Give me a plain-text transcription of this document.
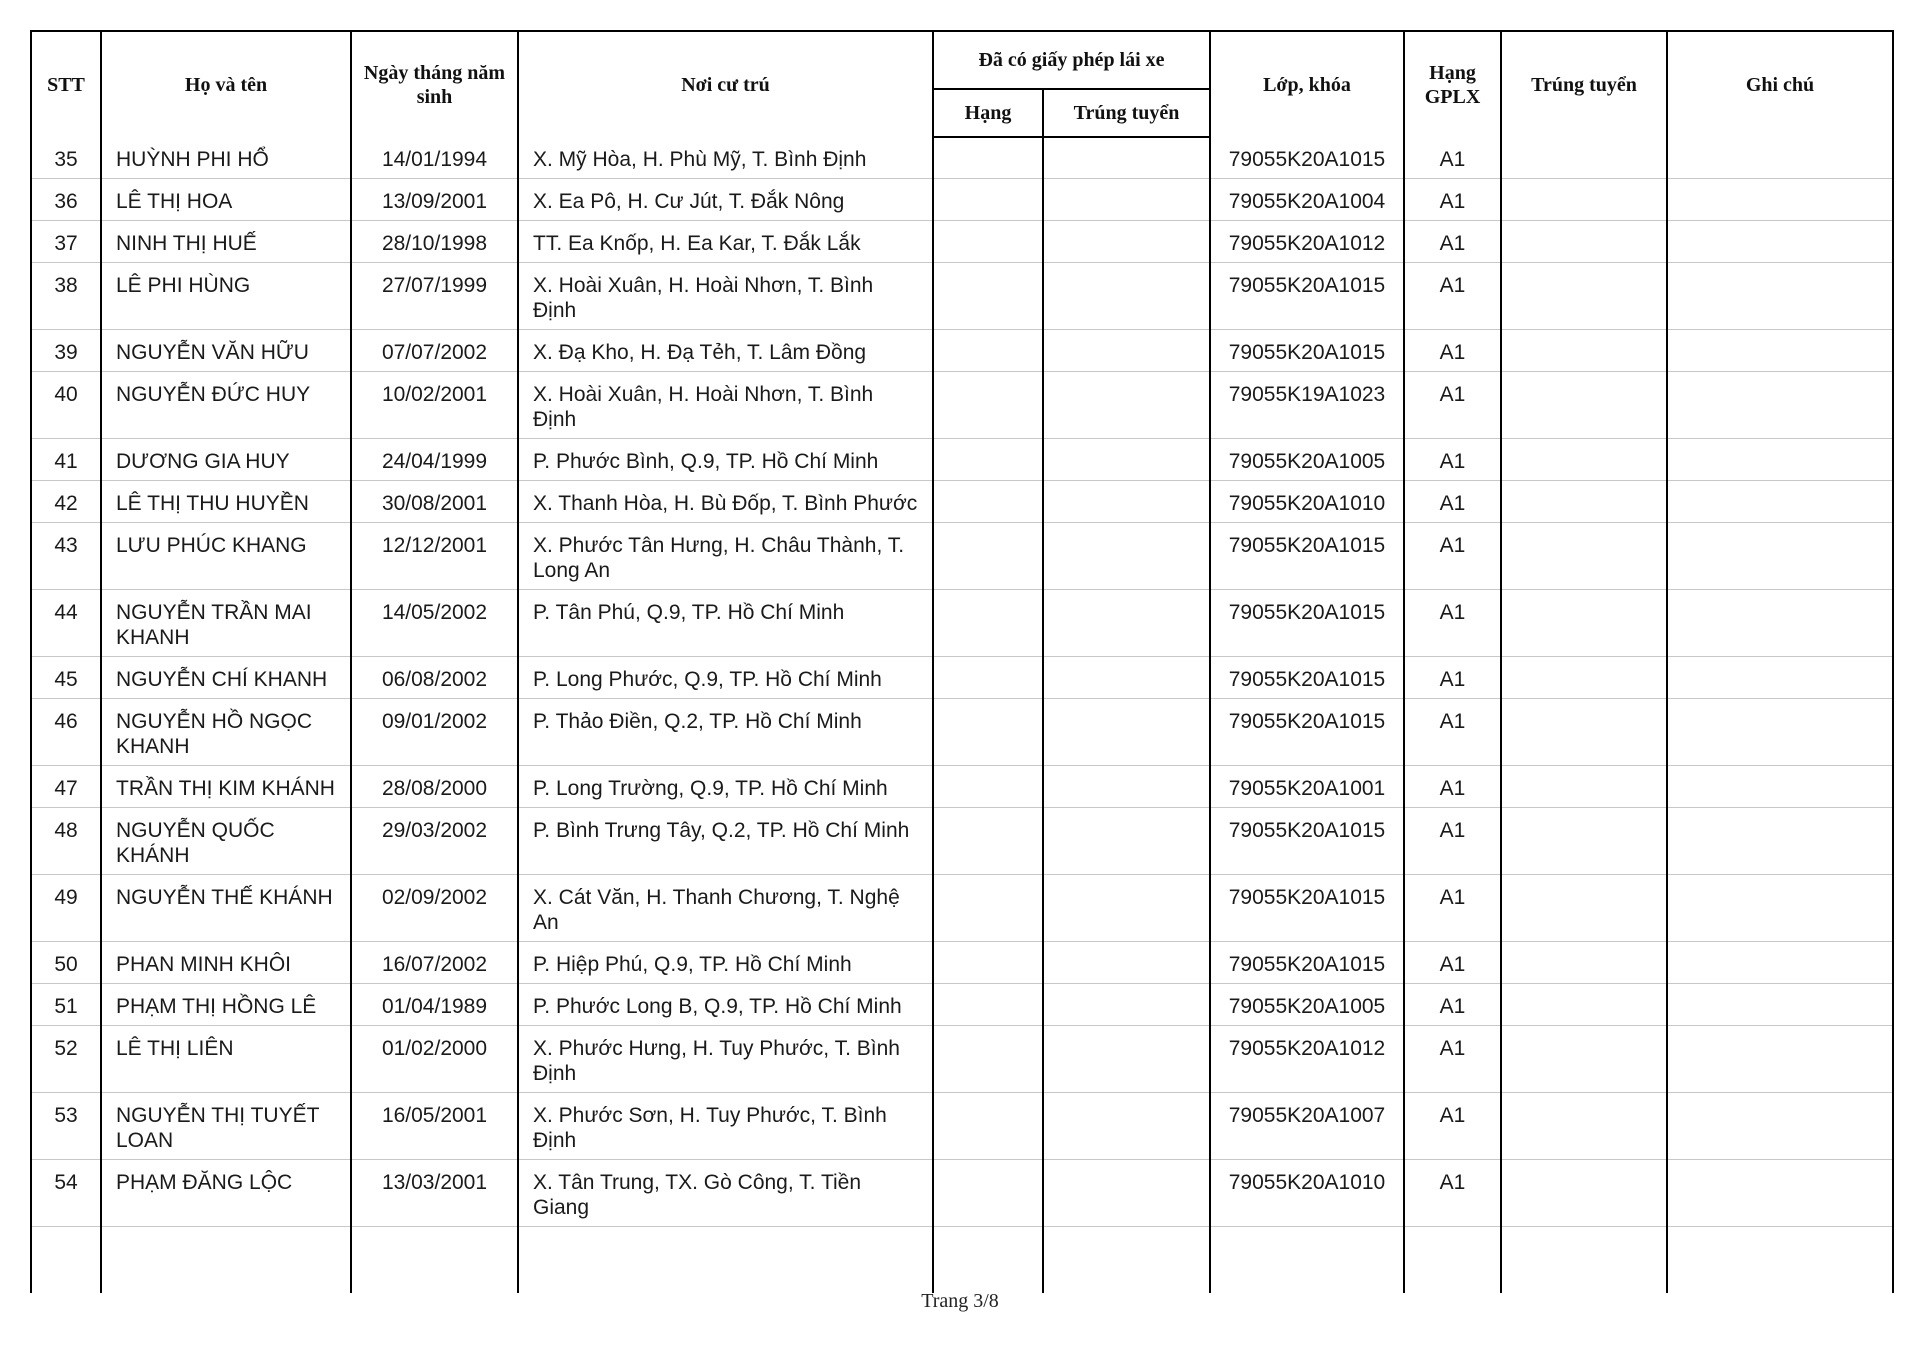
STT	Họ và tên	Ngày tháng năm sinh	Nơi cư trú	Đã có giấy phép lái xe		Lớp, khóa	Hạng GPLX	Trúng tuyển	Ghi chú
				Hạng	Trúng tuyển				
35	HUỲNH PHI HỔ	14/01/1994	X. Mỹ Hòa, H. Phù Mỹ, T. Bình Định			79055K20A1015	A1		
36	LÊ THỊ HOA	13/09/2001	X. Ea Pô, H. Cư Jút, T. Đắk Nông			79055K20A1004	A1		
37	NINH THỊ HUẾ	28/10/1998	TT. Ea Knốp, H. Ea Kar, T. Đắk Lắk			79055K20A1012	A1		
38	LÊ PHI HÙNG	27/07/1999	X. Hoài Xuân, H. Hoài Nhơn, T. Bình Định			79055K20A1015	A1		
39	NGUYỄN VĂN HỮU	07/07/2002	X. Đạ Kho, H. Đạ Tẻh, T. Lâm Đồng			79055K20A1015	A1		
40	NGUYỄN ĐỨC HUY	10/02/2001	X. Hoài Xuân, H. Hoài Nhơn, T. Bình Định			79055K19A1023	A1		
41	DƯƠNG GIA HUY	24/04/1999	P. Phước Bình, Q.9, TP. Hồ Chí Minh			79055K20A1005	A1		
42	LÊ THỊ THU HUYỀN	30/08/2001	X. Thanh Hòa, H. Bù Đốp, T. Bình Phước			79055K20A1010	A1		
43	LƯU PHÚC KHANG	12/12/2001	X. Phước Tân Hưng, H. Châu Thành, T. Long An			79055K20A1015	A1		
44	NGUYỄN TRẦN MAI KHANH	14/05/2002	P. Tân Phú, Q.9, TP. Hồ Chí Minh			79055K20A1015	A1		
45	NGUYỄN CHÍ KHANH	06/08/2002	P. Long Phước, Q.9, TP. Hồ Chí Minh			79055K20A1015	A1		
46	NGUYỄN HỒ NGỌC KHANH	09/01/2002	P. Thảo Điền, Q.2, TP. Hồ Chí Minh			79055K20A1015	A1		
47	TRẦN THỊ KIM KHÁNH	28/08/2000	P. Long Trường, Q.9, TP. Hồ Chí Minh			79055K20A1001	A1		
48	NGUYỄN QUỐC KHÁNH	29/03/2002	P. Bình Trưng Tây, Q.2, TP. Hồ Chí Minh			79055K20A1015	A1		
49	NGUYỄN THẾ KHÁNH	02/09/2002	X. Cát Văn, H. Thanh Chương, T. Nghệ An			79055K20A1015	A1		
50	PHAN MINH KHÔI	16/07/2002	P. Hiệp Phú, Q.9, TP. Hồ Chí Minh			79055K20A1015	A1		
51	PHẠM THỊ HỒNG LÊ	01/04/1989	P. Phước Long B, Q.9, TP. Hồ Chí Minh			79055K20A1005	A1		
52	LÊ THỊ LIÊN	01/02/2000	X. Phước Hưng, H. Tuy Phước, T. Bình Định			79055K20A1012	A1		
53	NGUYỄN THỊ TUYẾT LOAN	16/05/2001	X. Phước Sơn, H. Tuy Phước, T. Bình Định			79055K20A1007	A1		
54	PHẠM ĐĂNG LỘC	13/03/2001	X. Tân Trung, TX. Gò Công, T. Tiền Giang			79055K20A1010	A1		

Trang 3/8
